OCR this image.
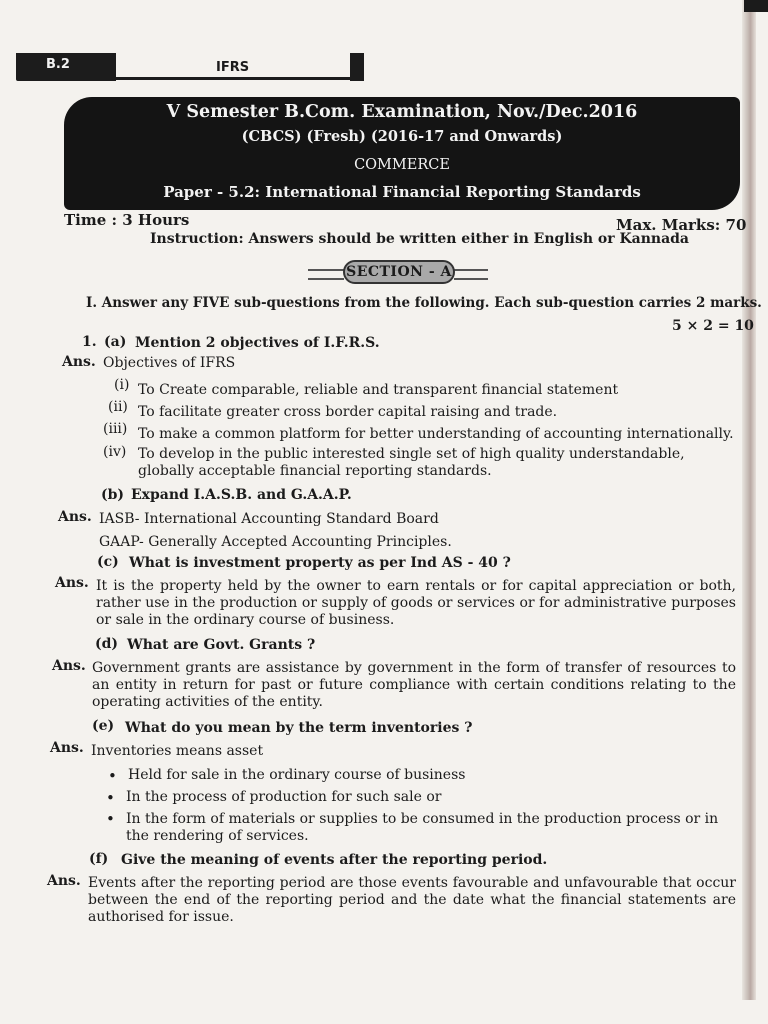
B.2	IFRS
V Semester B.Com. Examination, Nov./Dec.2016
(CBCS) (Fresh) (2016-17 and Onwards)
COMMERCE
Paper - 5.2: International Financial Reporting Standards
Time : 3 Hours	Max. Marks: 70
Instruction: Answers should be written either in English or Kannada
SECTION - A
I. Answer any FIVE sub-questions from the following. Each sub-question carries 2 marks.
5 × 2 = 10
1. (a) Mention 2 objectives of I.F.R.S.
Ans. Objectives of IFRS
(i) To Create comparable, reliable and transparent financial statement
(ii) To facilitate greater cross border capital raising and trade.
(iii) To make a common platform for better understanding of accounting internationally.
(iv) To develop in the public interested single set of high quality understandable, globally acceptable financial reporting standards.
(b) Expand I.A.S.B. and G.A.A.P.
Ans. IASB- International Accounting Standard Board
GAAP- Generally Accepted Accounting Principles.
(c) What is investment property as per Ind AS - 40 ?
Ans. It is the property held by the owner to earn rentals or for capital appreciation or both, rather use in the production or supply of goods or services or for administrative purposes or sale in the ordinary course of business.
(d) What are Govt. Grants ?
Ans. Government grants are assistance by government in the form of transfer of resources to an entity in return for past or future compliance with certain conditions relating to the operating activities of the entity.
(e) What do you mean by the term inventories ?
Ans. Inventories means asset
• Held for sale in the ordinary course of business
• In the process of production for such sale or
• In the form of materials or supplies to be consumed in the production process or in the rendering of services.
(f) Give the meaning of events after the reporting period.
Ans. Events after the reporting period are those events favourable and unfavourable that occur between the end of the reporting period and the date what the financial statements are authorised for issue.
